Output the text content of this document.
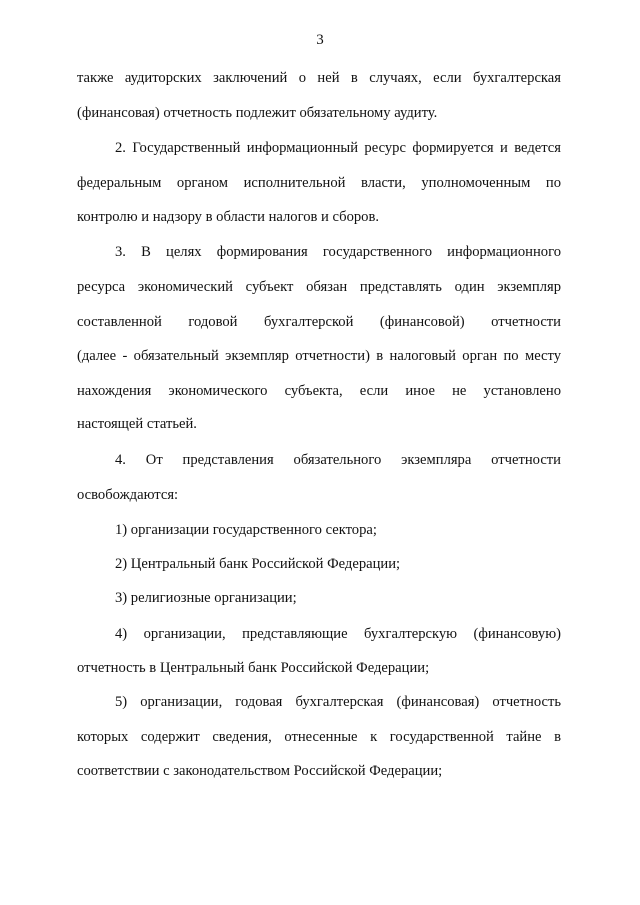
3
также аудиторских заключений о ней в случаях, если бухгалтерская
(финансовая) отчетность подлежит обязательному аудиту.
2. Государственный информационный ресурс формируется и ведется
федеральным органом исполнительной власти, уполномоченным по
контролю и надзору в области налогов и сборов.
3. В целях формирования государственного информационного
ресурса экономический субъект обязан представлять один экземпляр
составленной годовой бухгалтерской (финансовой) отчетности
(далее - обязательный экземпляр отчетности) в налоговый орган по месту
нахождения экономического субъекта, если иное не установлено
настоящей статьей.
4. От представления обязательного экземпляра отчетности
освобождаются:
1) организации государственного сектора;
2) Центральный банк Российской Федерации;
3) религиозные организации;
4) организации, представляющие бухгалтерскую (финансовую)
отчетность в Центральный банк Российской Федерации;
5) организации, годовая бухгалтерская (финансовая) отчетность
которых содержит сведения, отнесенные к государственной тайне в
соответствии с законодательством Российской Федерации;
